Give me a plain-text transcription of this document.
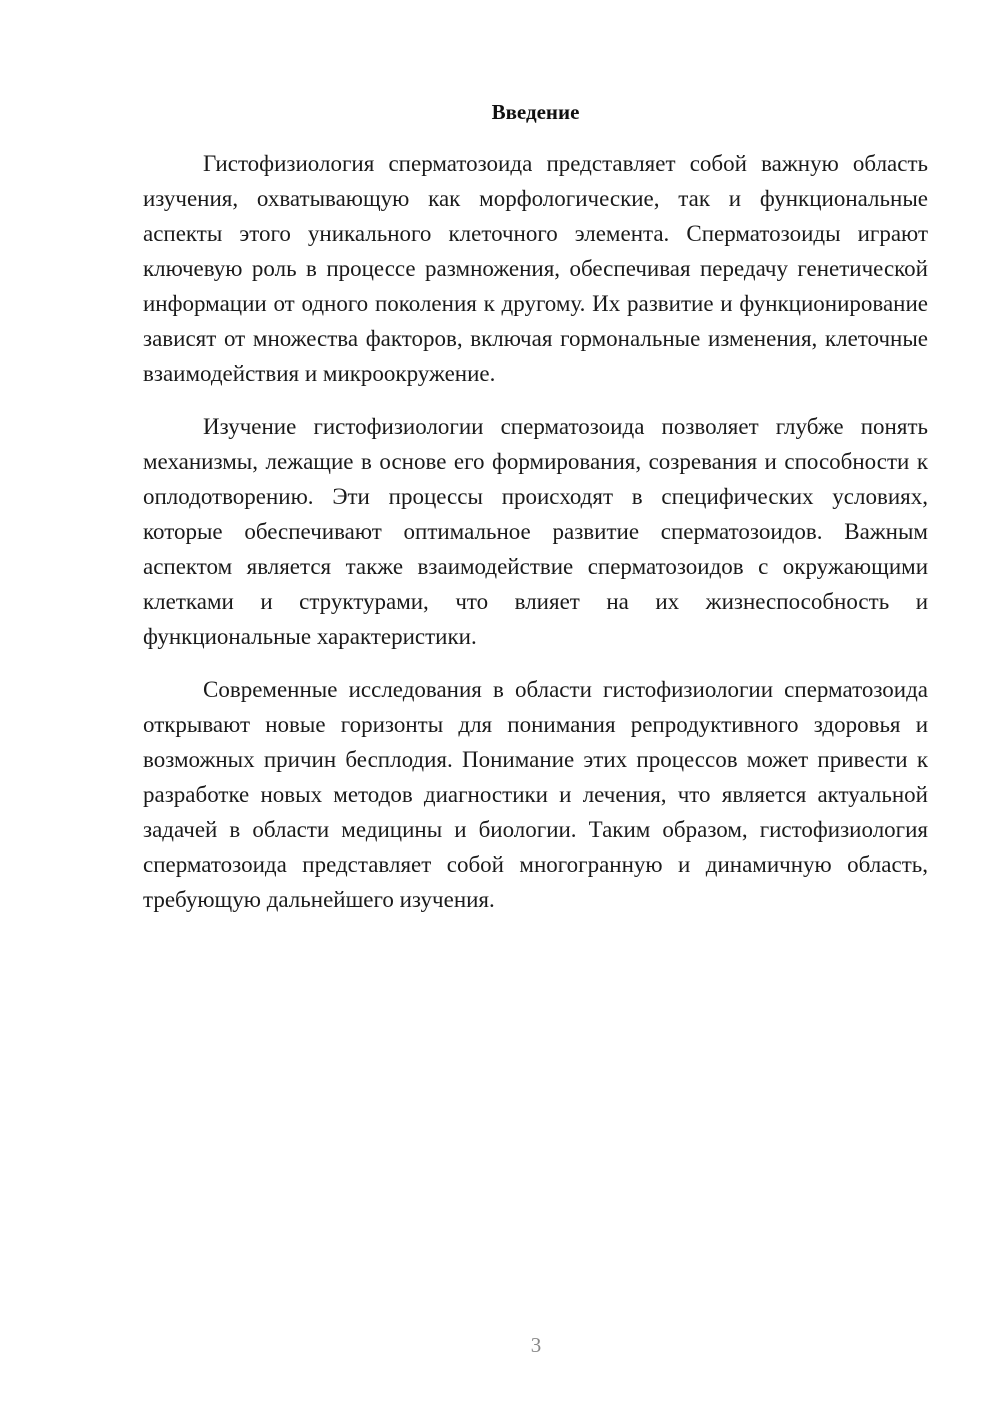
Введение

Гистофизиология сперматозоида представляет собой важную область изучения, охватывающую как морфологические, так и функциональные аспекты этого уникального клеточного элемента. Сперматозоиды играют ключевую роль в процессе размножения, обеспечивая передачу генетической информации от одного поколения к другому. Их развитие и функционирование зависят от множества факторов, включая гормональные изменения, клеточные взаимодействия и микроокружение.

Изучение гистофизиологии сперматозоида позволяет глубже понять механизмы, лежащие в основе его формирования, созревания и способности к оплодотворению. Эти процессы происходят в специфических условиях, которые обеспечивают оптимальное развитие сперматозоидов. Важным аспектом является также взаимодействие сперматозоидов с окружающими клетками и структурами, что влияет на их жизнеспособность и функциональные характеристики.

Современные исследования в области гистофизиологии сперматозоида открывают новые горизонты для понимания репродуктивного здоровья и возможных причин бесплодия. Понимание этих процессов может привести к разработке новых методов диагностики и лечения, что является актуальной задачей в области медицины и биологии. Таким образом, гистофизиология сперматозоида представляет собой многогранную и динамичную область, требующую дальнейшего изучения.

3
